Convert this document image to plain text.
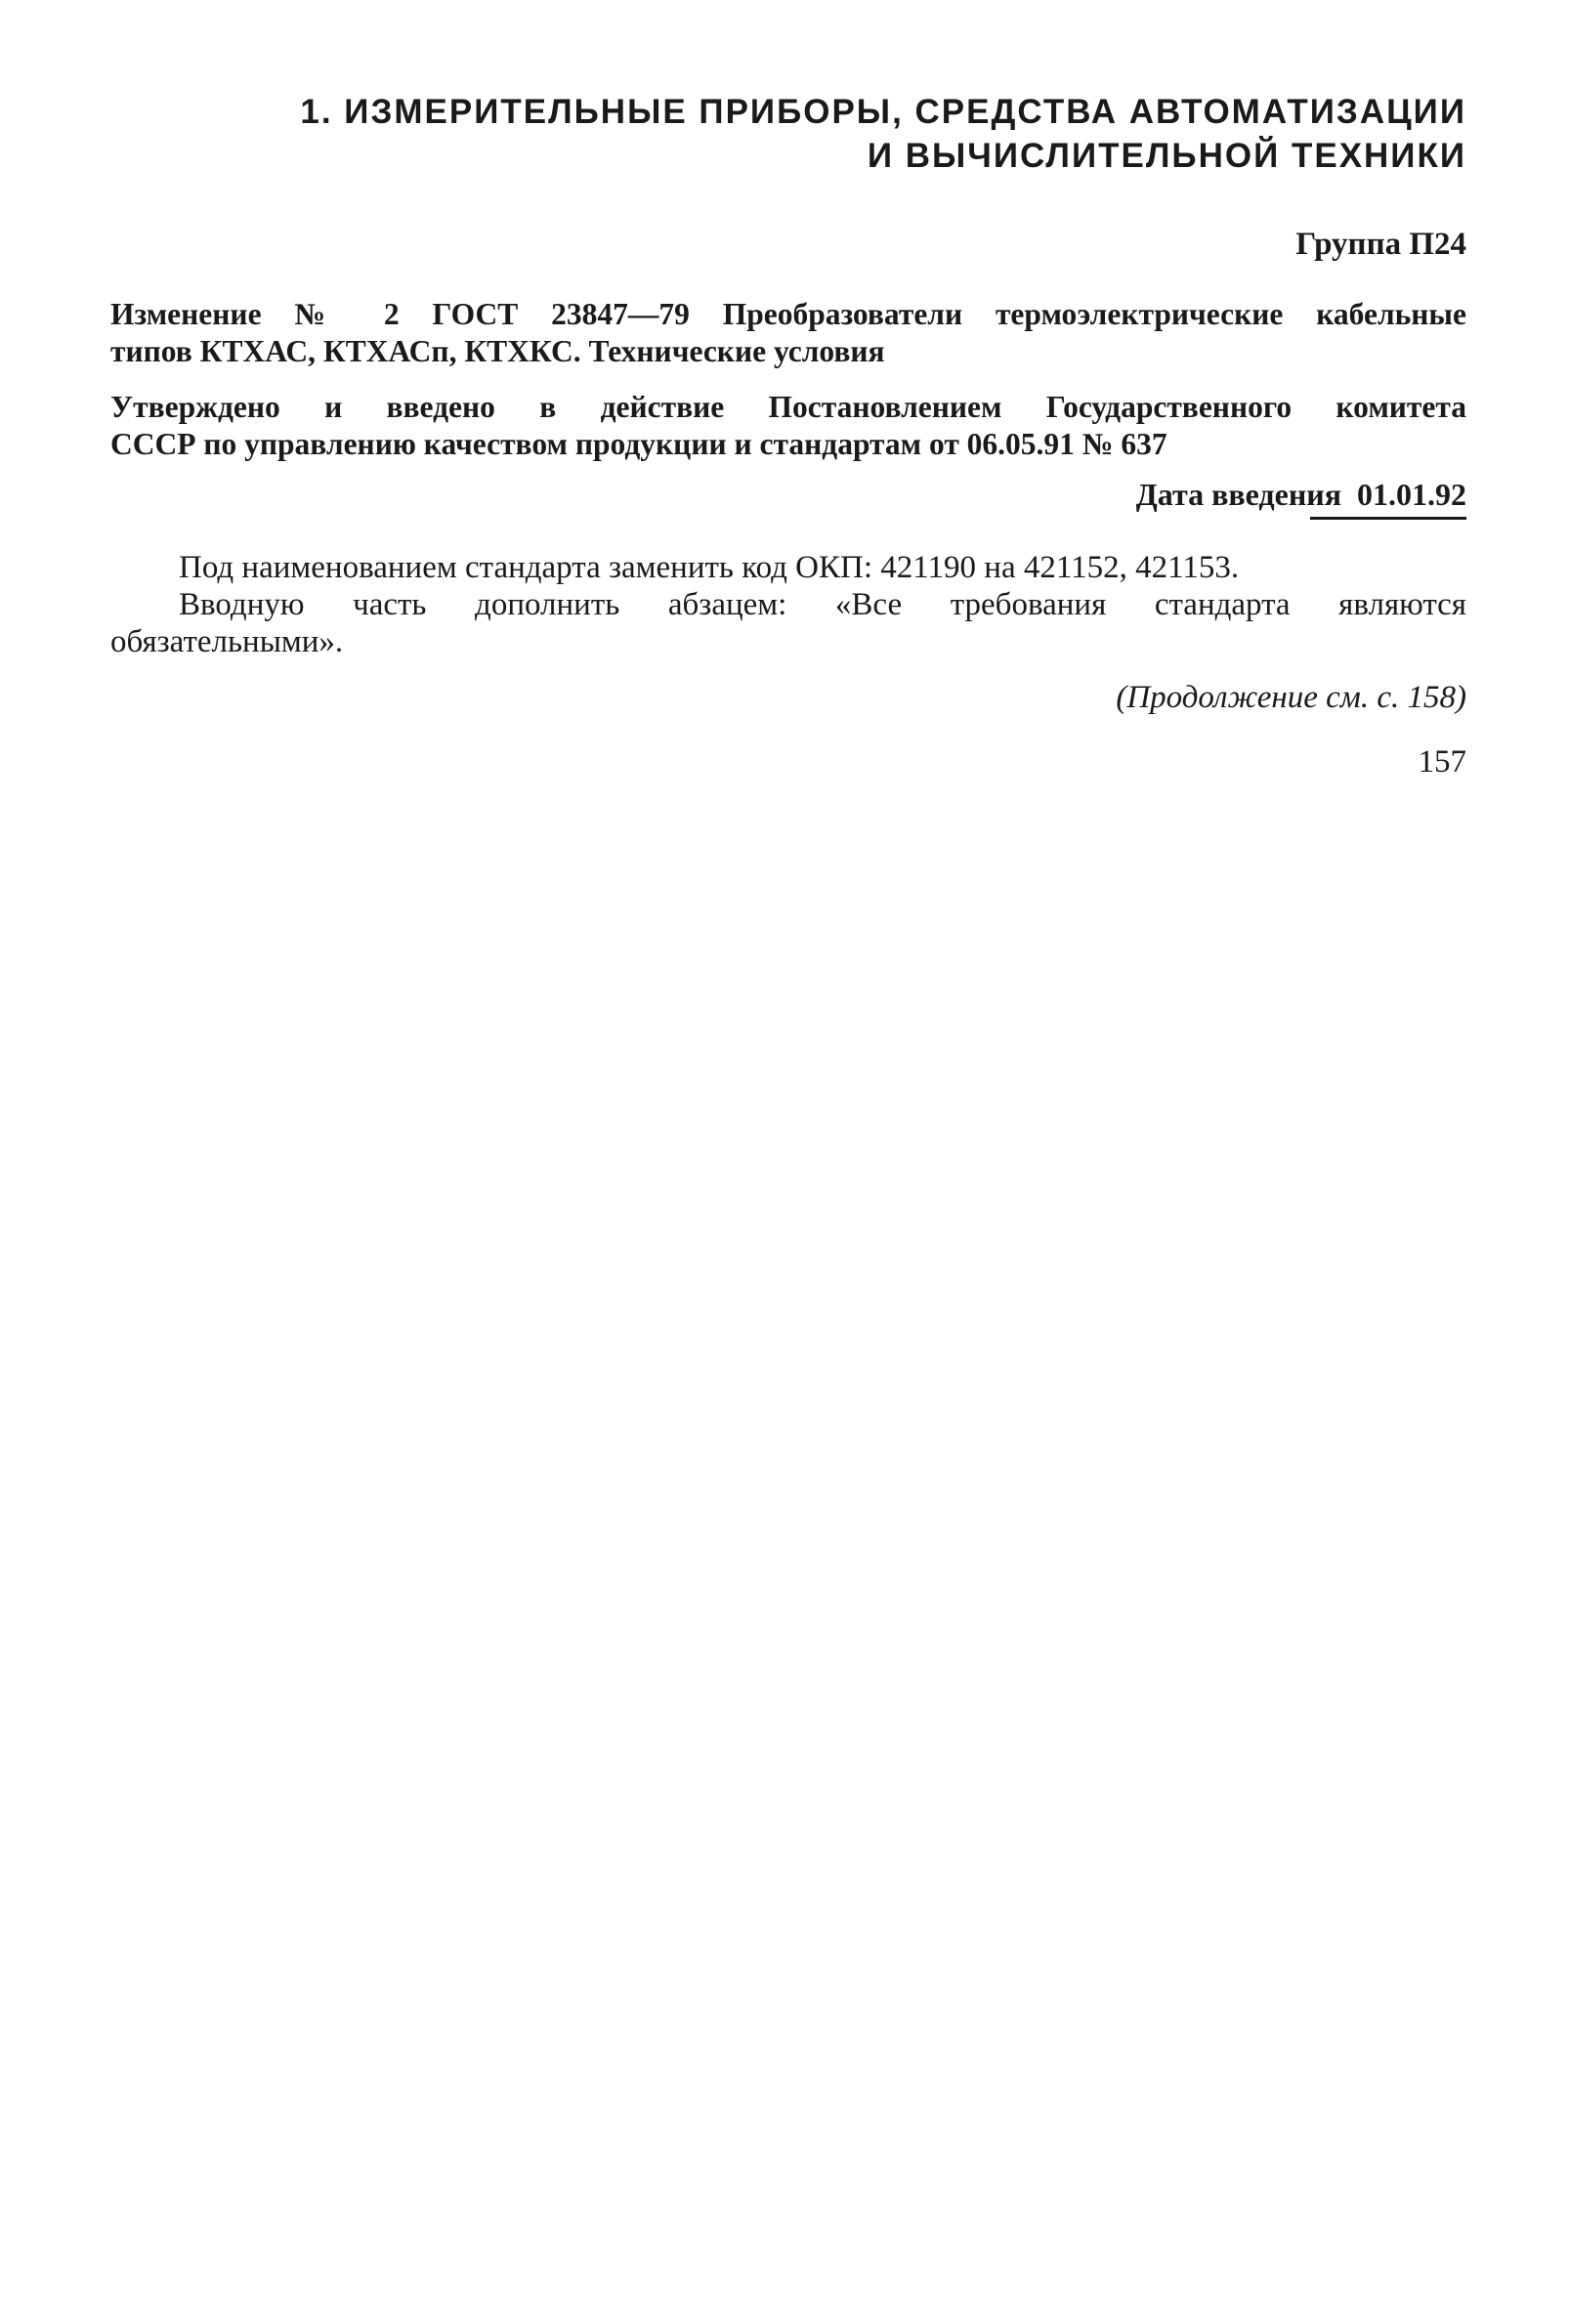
1. ИЗМЕРИТЕЛЬНЫЕ ПРИБОРЫ, СРЕДСТВА АВТОМАТИЗАЦИИ
И ВЫЧИСЛИТЕЛЬНОЙ ТЕХНИКИ
Группа П24
Изменение № 2 ГОСТ 23847—79 Преобразователи термоэлектрические кабельные
типов КТХАС, КТХАСп, КТХКС. Технические условия
Утверждено и введено в действие Постановлением Государственного комитета
СССР по управлению качеством продукции и стандартам от 06.05.91 № 637
Дата введения 01.01.92
Под наименованием стандарта заменить код ОКП: 421190 на 421152, 421153.
Вводную часть дополнить абзацем: «Все требования стандарта являются
обязательными».
(Продолжение см. с. 158)
157
